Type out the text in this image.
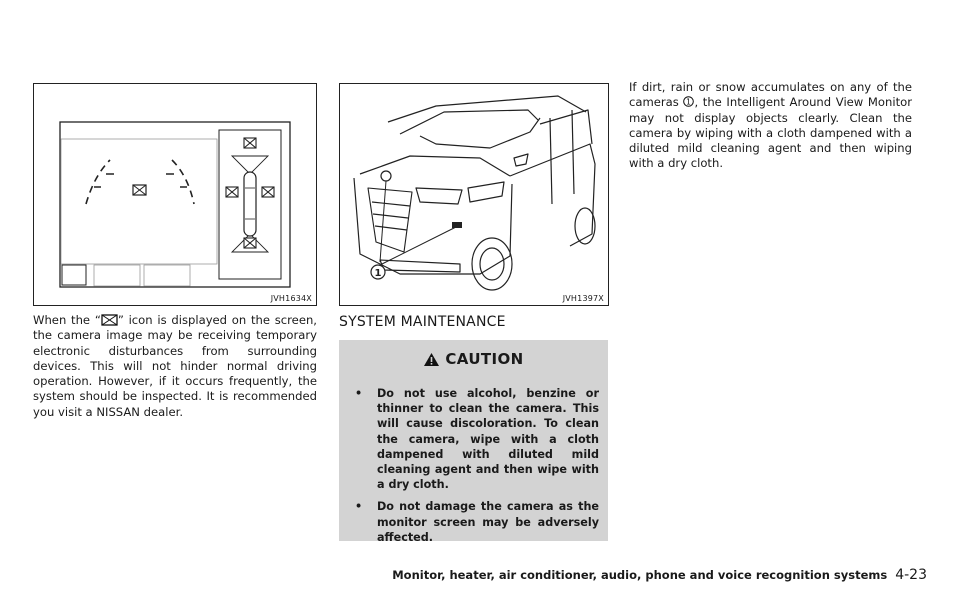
JVH1634X
1
JVH1397X

When the “ ” icon is displayed on the screen, the camera image may be receiving temporary electronic disturbances from surrounding devices. This will not hinder normal driving operation. However, if it occurs frequently, the system should be inspected. It is recommended you visit a NISSAN dealer.

SYSTEM MAINTENANCE
CAUTION
• Do not use alcohol, benzine or thinner to clean the camera. This will cause discoloration. To clean the camera, wipe with a cloth dampened with diluted mild cleaning agent and then wipe with a dry cloth.
• Do not damage the camera as the monitor screen may be adversely affected.

If dirt, rain or snow accumulates on any of the cameras 1 , the Intelligent Around View Monitor may not display objects clearly. Clean the camera by wiping with a cloth dampened with a diluted mild cleaning agent and then wiping with a dry cloth.

Monitor, heater, air conditioner, audio, phone and voice recognition systems 4-23
